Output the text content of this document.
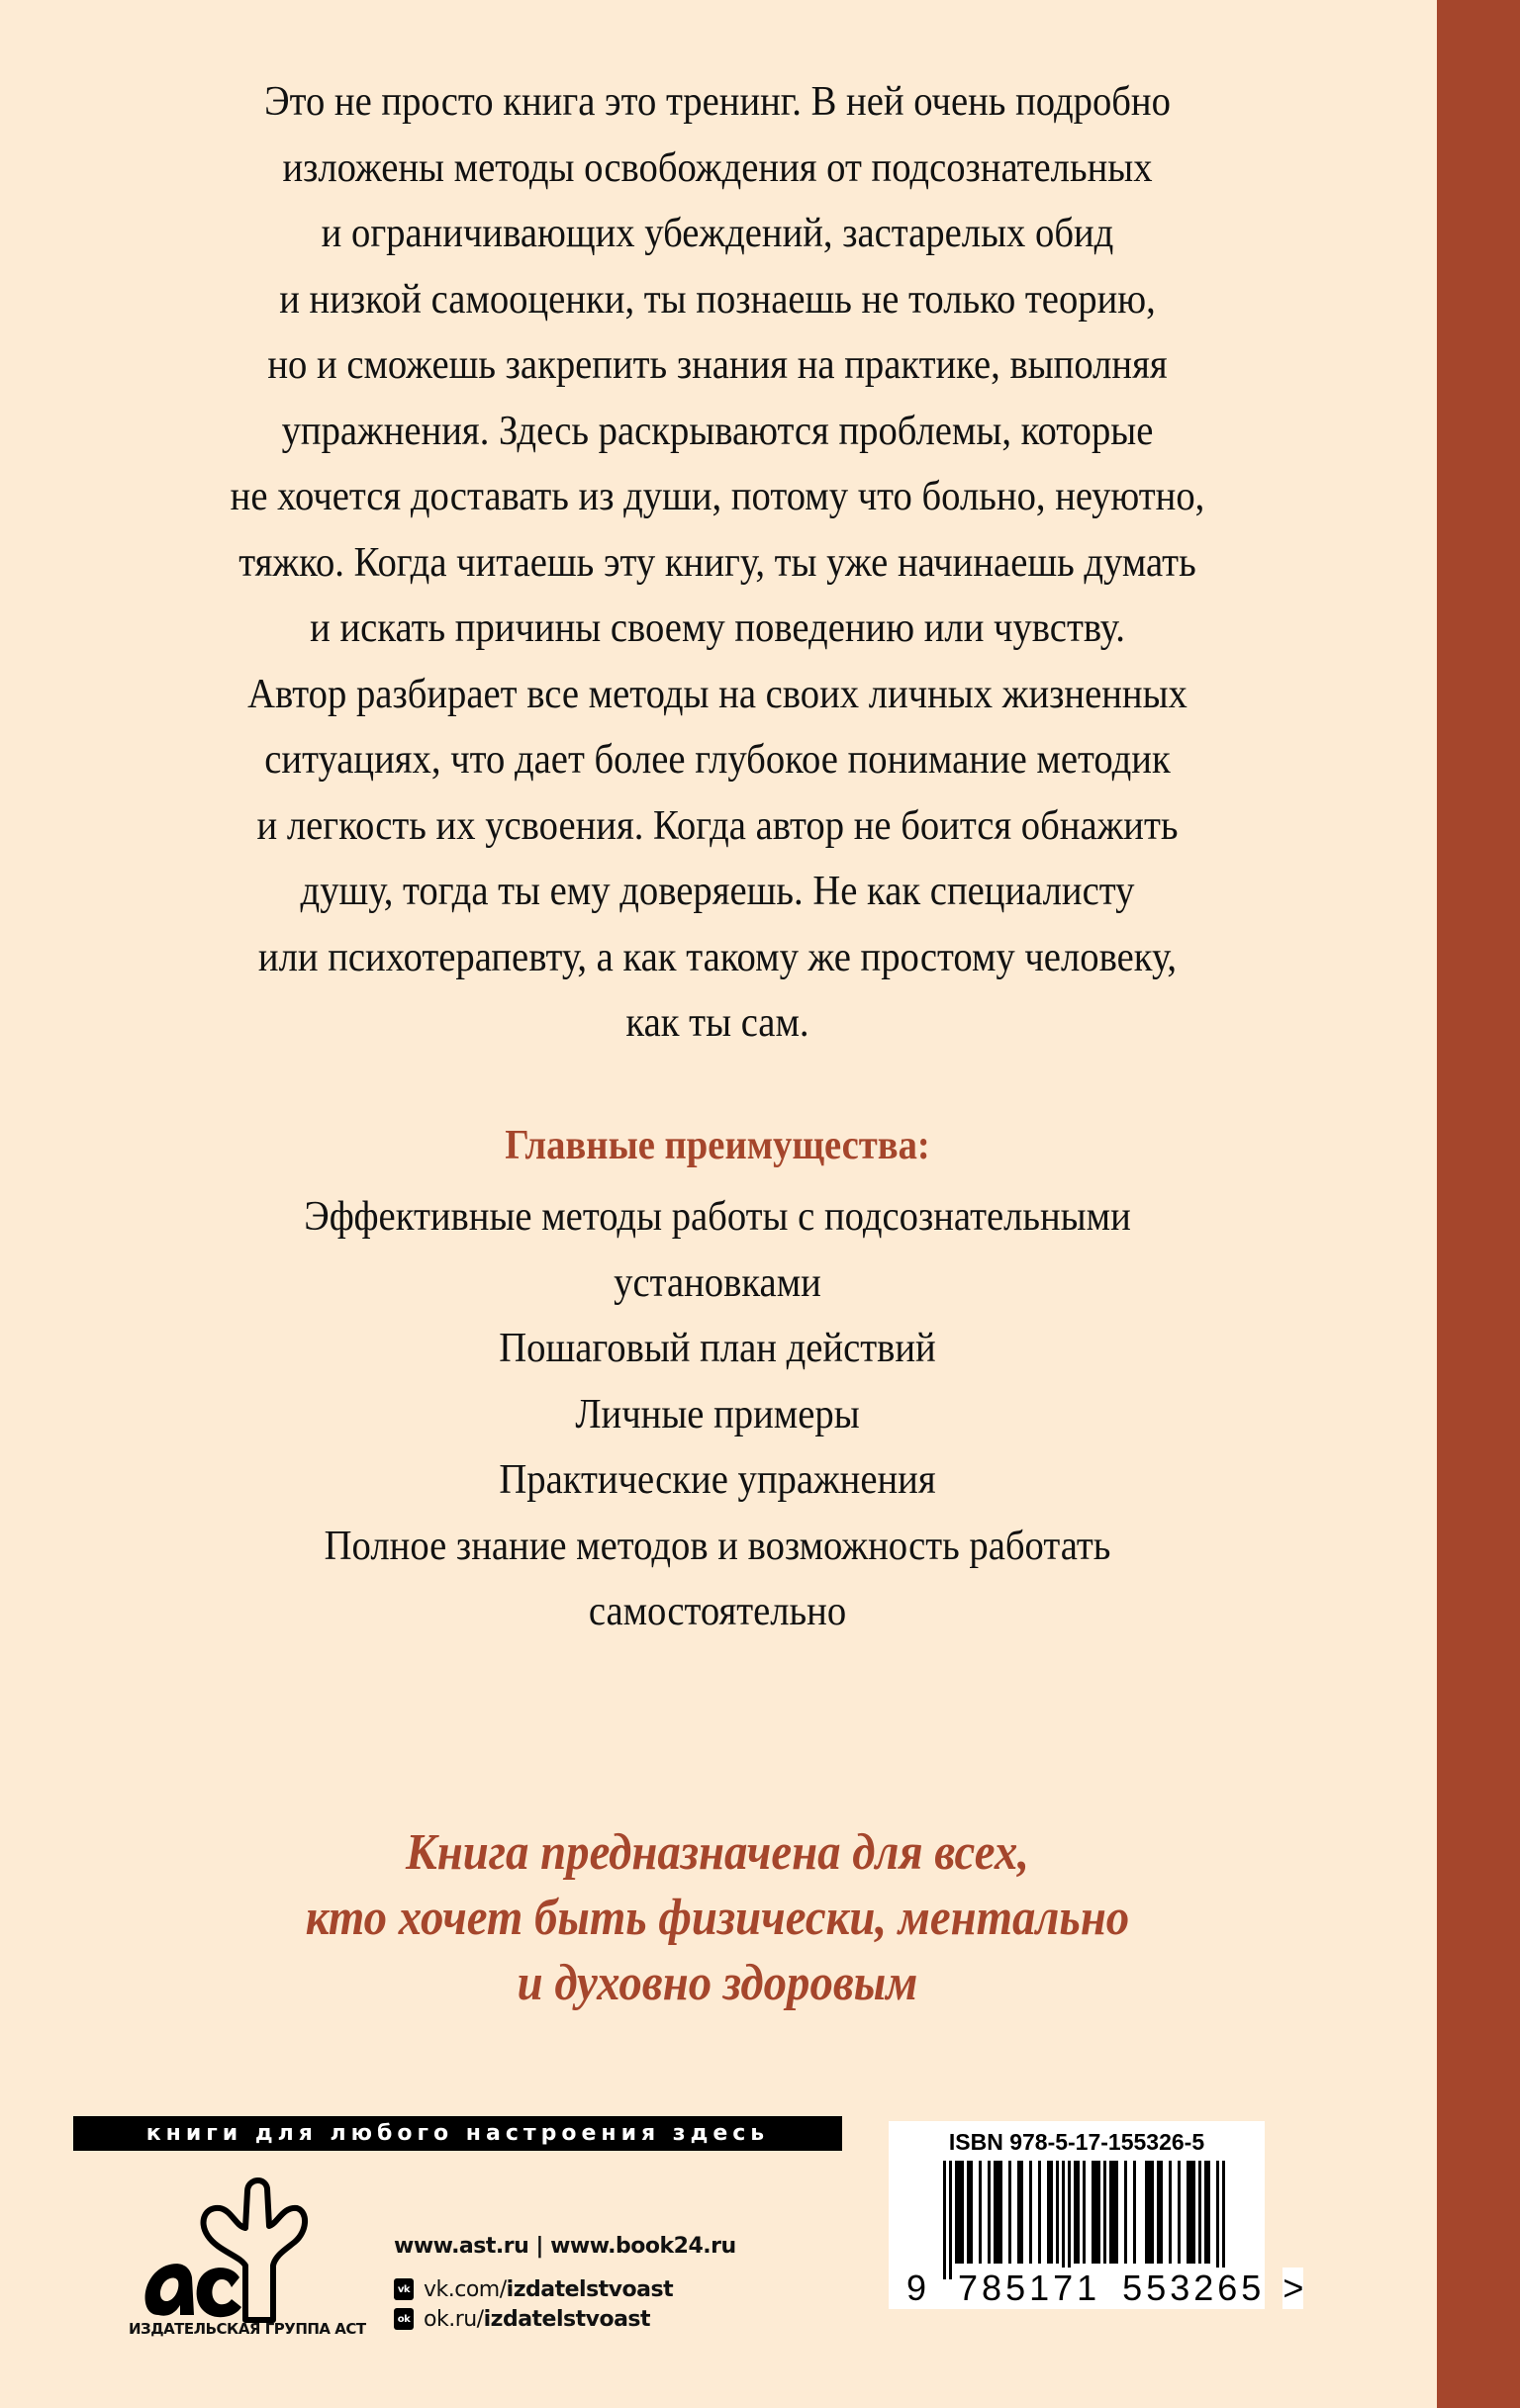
Это не просто книга это тренинг. В ней очень подробно
изложены методы освобождения от подсознательных
и ограничивающих убеждений, застарелых обид
и низкой самооценки, ты познаешь не только теорию,
но и сможешь закрепить знания на практике, выполняя
упражнения. Здесь раскрываются проблемы, которые
не хочется доставать из души, потому что больно, неуютно,
тяжко. Когда читаешь эту книгу, ты уже начинаешь думать
и искать причины своему поведению или чувству.
Автор разбирает все методы на своих личных жизненных
ситуациях, что дает более глубокое понимание методик
и легкость их усвоения. Когда автор не боится обнажить
душу, тогда ты ему доверяешь. Не как специалисту
или психотерапевту, а как такому же простому человеку,
как ты сам.
Главные преимущества:
Эффективные методы работы с подсознательными
установками
Пошаговый план действий
Личные примеры
Практические упражнения
Полное знание методов и возможность работать
самостоятельно
Книга предназначена для всех,
кто хочет быть физически, ментально
и духовно здоровым
книги для любого настроения здесь
ИЗДАТЕЛЬСКАЯ ГРУППА АСТ
www.ast.ru | www.book24.ru
vk vk.com/ izdatelstvoast
ok ok.ru/ izdatelstvoast
ISBN 978-5-17-155326-5
9 785171 553265 >
